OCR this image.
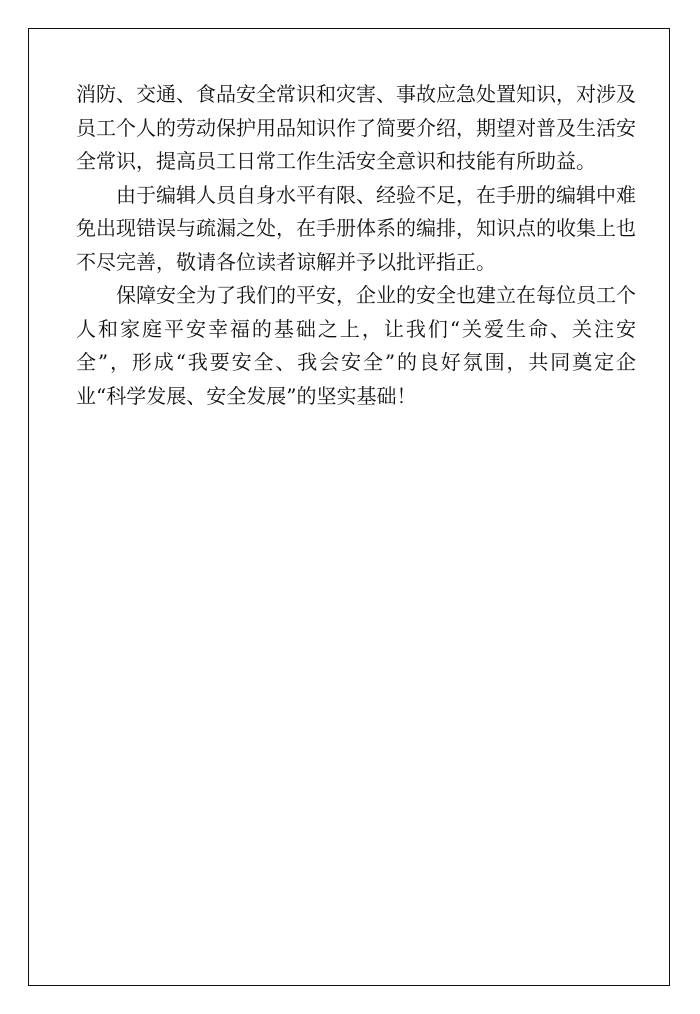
消防、交通、食品安全常识和灾害、事故应急处置知识，对涉及员工个人的劳动保护用品知识作了简要介绍，期望对普及生活安全常识，提高员工日常工作生活安全意识和技能有所助益。

由于编辑人员自身水平有限、经验不足，在手册的编辑中难免出现错误与疏漏之处，在手册体系的编排，知识点的收集上也不尽完善，敬请各位读者谅解并予以批评指正。

保障安全为了我们的平安，企业的安全也建立在每位员工个人和家庭平安幸福的基础之上，让我们“关爱生命、关注安全”，形成“我要安全、我会安全”的良好氛围，共同奠定企业“科学发展、安全发展”的坚实基础！
